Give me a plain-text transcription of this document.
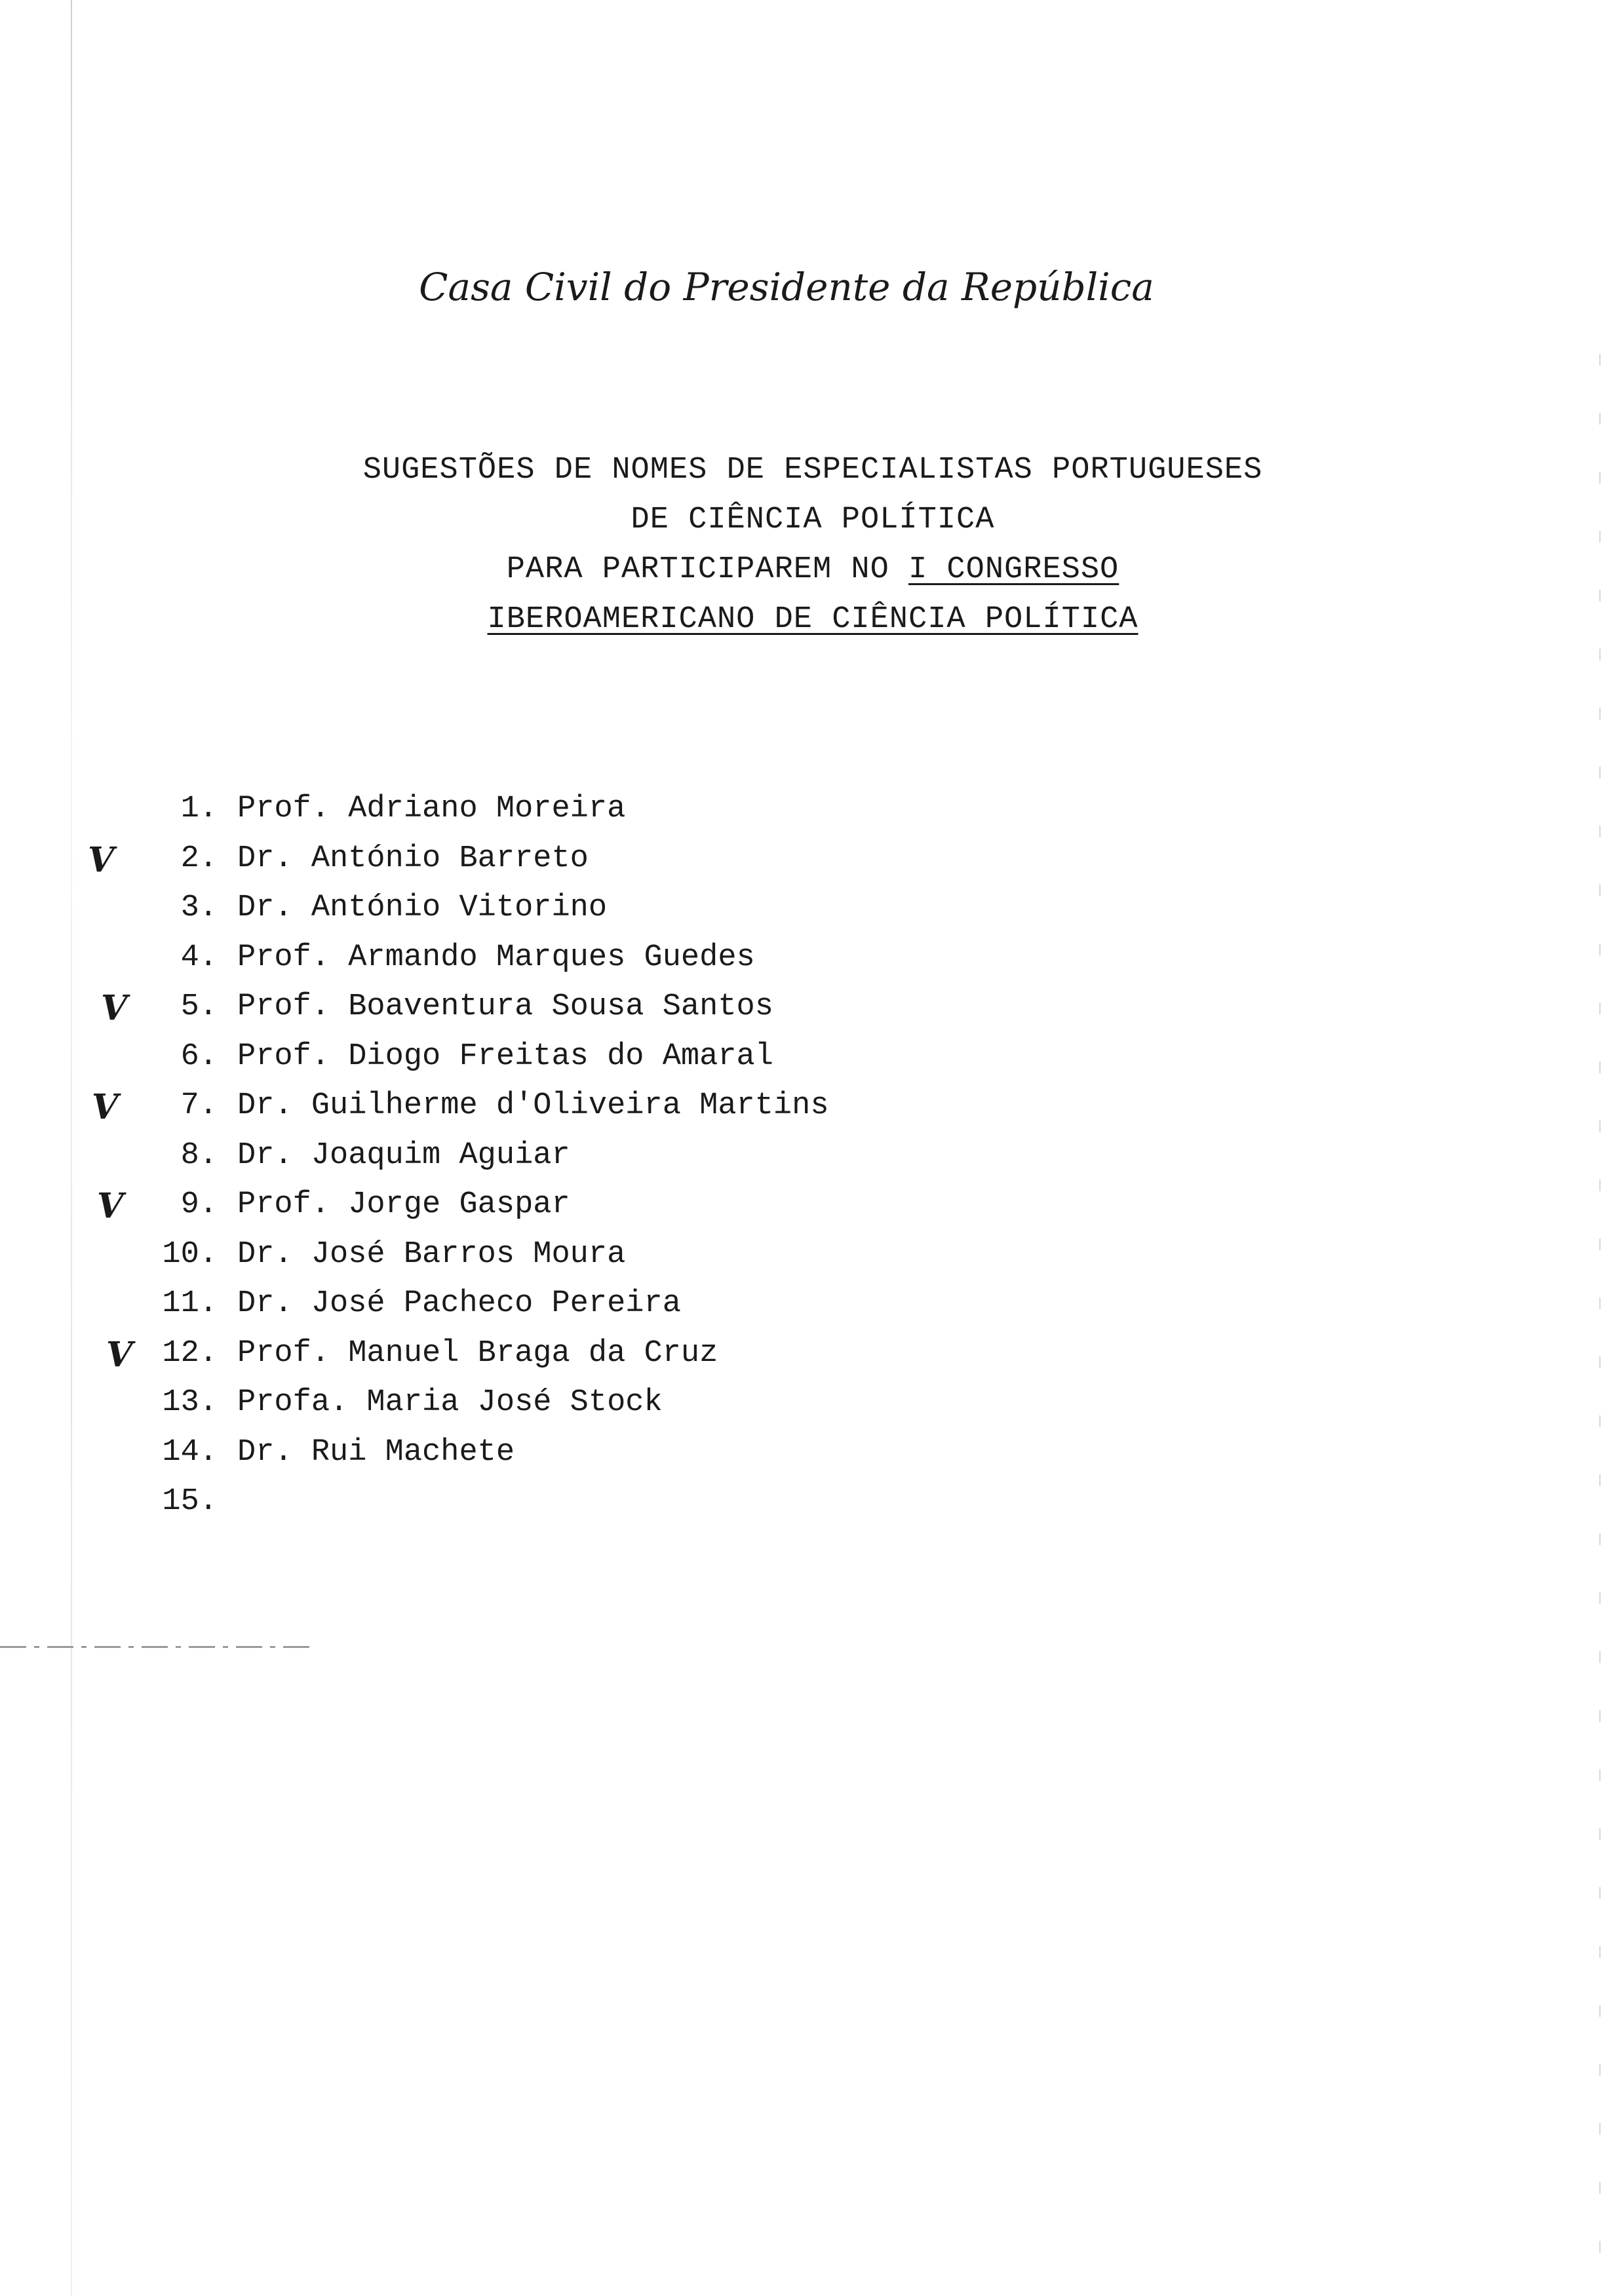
Casa Civil do Presidente da República
SUGESTÕES DE NOMES DE ESPECIALISTAS PORTUGUESES
DE CIÊNCIA POLÍTICA
PARA PARTICIPAREM NO I CONGRESSO
IBEROAMERICANO DE CIÊNCIA POLÍTICA
1. Prof. Adriano Moreira
2. Dr. António Barreto
V
3. Dr. António Vitorino
4. Prof. Armando Marques Guedes
5. Prof. Boaventura Sousa Santos
V
6. Prof. Diogo Freitas do Amaral
7. Dr. Guilherme d'Oliveira Martins
V
8. Dr. Joaquim Aguiar
9. Prof. Jorge Gaspar
V
10. Dr. José Barros Moura
11. Dr. José Pacheco Pereira
12. Prof. Manuel Braga da Cruz
V
13. Profa. Maria José Stock
14. Dr. Rui Machete
15.
